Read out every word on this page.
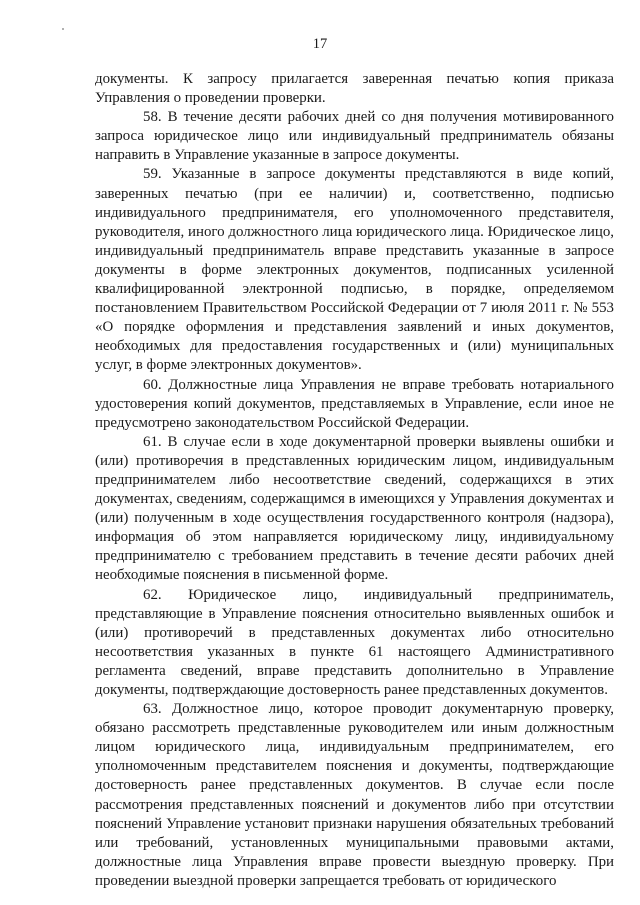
17

документы. К запросу прилагается заверенная печатью копия приказа Управления о проведении проверки.

58. В течение десяти рабочих дней со дня получения мотивированного запроса юридическое лицо или индивидуальный предприниматель обязаны направить в Управление указанные в запросе документы.

59. Указанные в запросе документы представляются в виде копий, заверенных печатью (при ее наличии) и, соответственно, подписью индивидуального предпринимателя, его уполномоченного представителя, руководителя, иного должностного лица юридического лица. Юридическое лицо, индивидуальный предприниматель вправе представить указанные в запросе документы в форме электронных документов, подписанных усиленной квалифицированной электронной подписью, в порядке, определяемом постановлением Правительством Российской Федерации от 7 июля 2011 г. № 553 «О порядке оформления и представления заявлений и иных документов, необходимых для предоставления государственных и (или) муниципальных услуг, в форме электронных документов».

60. Должностные лица Управления не вправе требовать нотариального удостоверения копий документов, представляемых в Управление, если иное не предусмотрено законодательством Российской Федерации.

61. В случае если в ходе документарной проверки выявлены ошибки и (или) противоречия в представленных юридическим лицом, индивидуальным предпринимателем либо несоответствие сведений, содержащихся в этих документах, сведениям, содержащимся в имеющихся у Управления документах и (или) полученным в ходе осуществления государственного контроля (надзора), информация об этом направляется юридическому лицу, индивидуальному предпринимателю с требованием представить в течение десяти рабочих дней необходимые пояснения в письменной форме.

62. Юридическое лицо, индивидуальный предприниматель, представляющие в Управление пояснения относительно выявленных ошибок и (или) противоречий в представленных документах либо относительно несоответствия указанных в пункте 61 настоящего Административного регламента сведений, вправе представить дополнительно в Управление документы, подтверждающие достоверность ранее представленных документов.

63. Должностное лицо, которое проводит документарную проверку, обязано рассмотреть представленные руководителем или иным должностным лицом юридического лица, индивидуальным предпринимателем, его уполномоченным представителем пояснения и документы, подтверждающие достоверность ранее представленных документов. В случае если после рассмотрения представленных пояснений и документов либо при отсутствии пояснений Управление установит признаки нарушения обязательных требований или требований, установленных муниципальными правовыми актами, должностные лица Управления вправе провести выездную проверку. При проведении выездной проверки запрещается требовать от юридического
